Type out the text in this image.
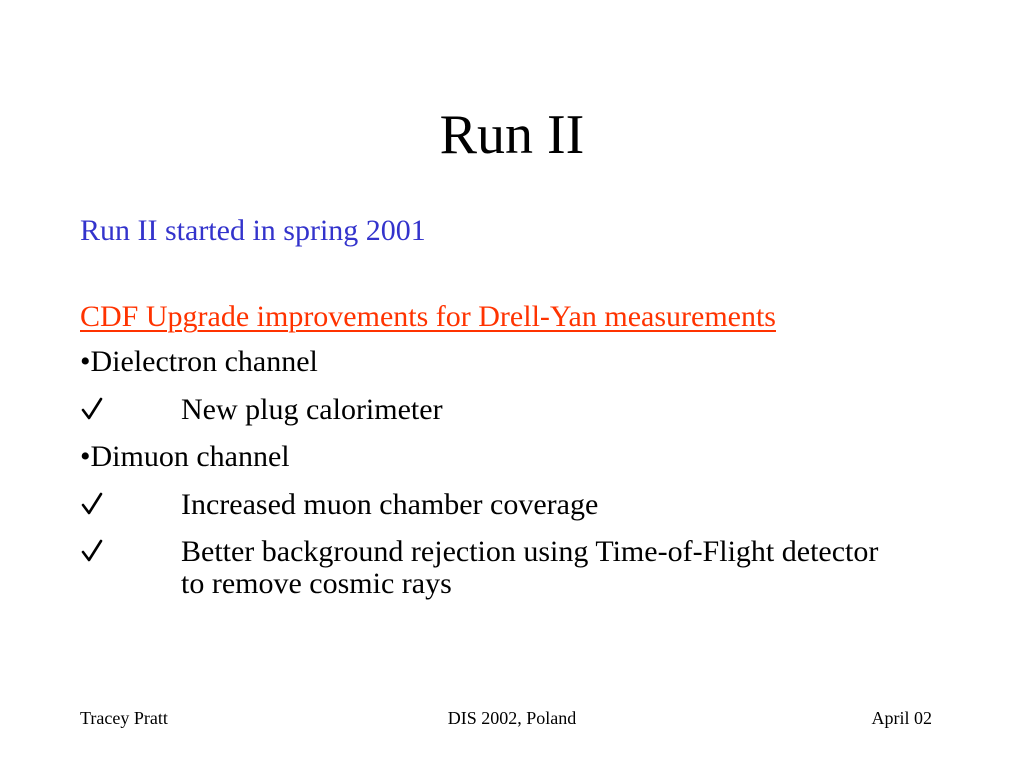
Run II
Run II started in spring 2001
CDF Upgrade improvements for Drell-Yan measurements
•Dielectron channel
New plug calorimeter
•Dimuon channel
Increased muon chamber coverage
Better background rejection using Time-of-Flight detector to remove cosmic rays
Tracey Pratt	DIS 2002, Poland	April 02
